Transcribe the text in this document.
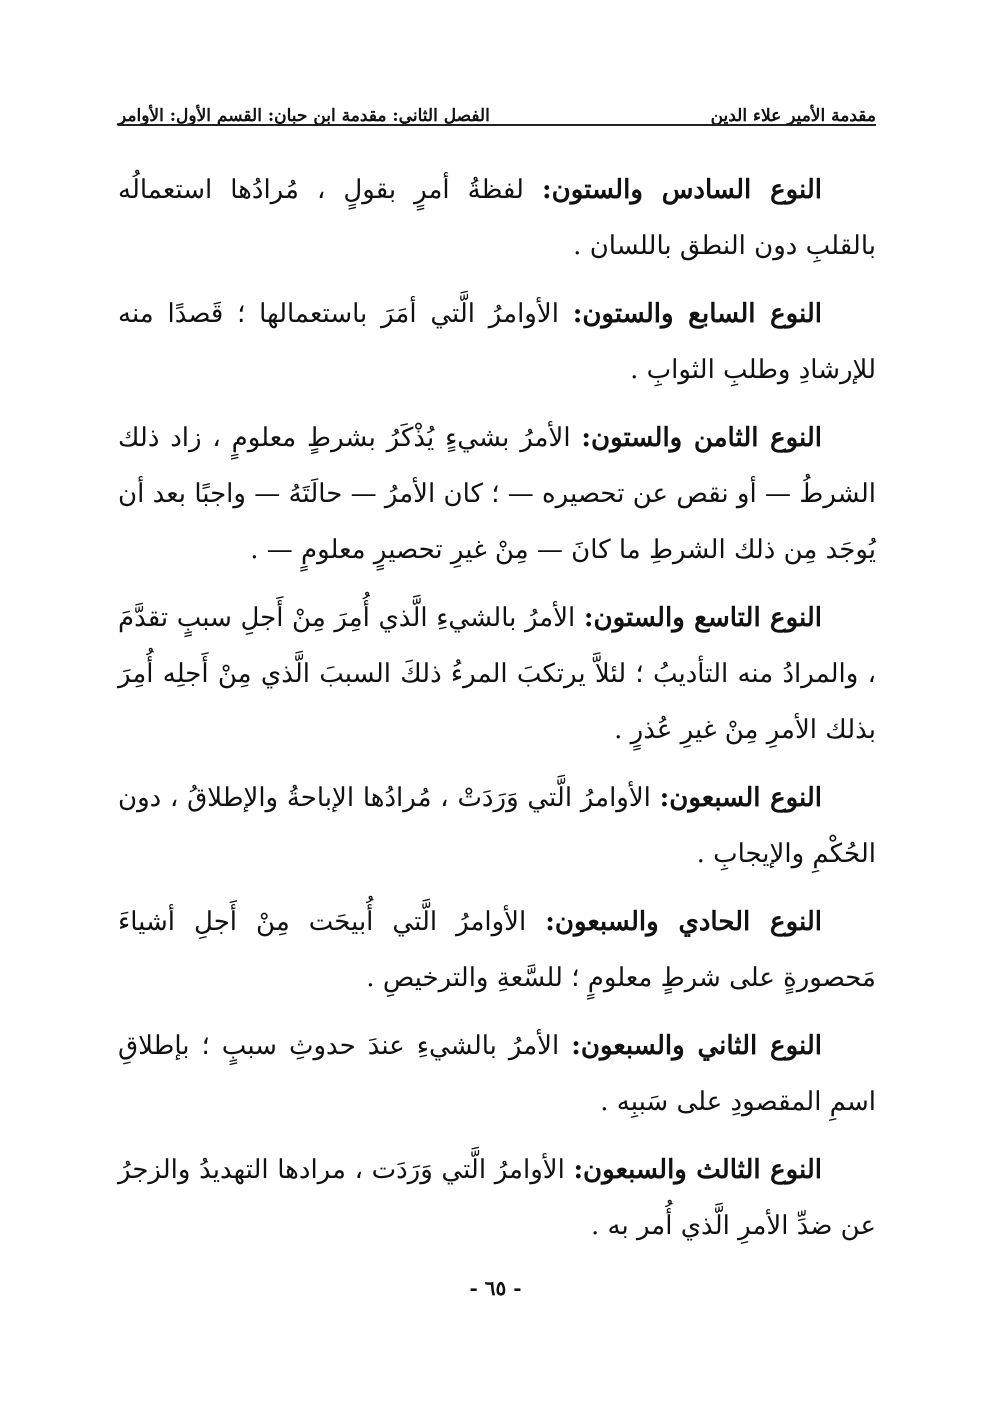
مقدمة الأمير علاء الدين
الفصل الثاني: مقدمة ابن حبان: القسم الأول: الأوامر

النوع السادس والستون: لفظةُ أمرٍ بقولٍ ، مُرادُها استعمالُه بالقلبِ دون النطق باللسان .

النوع السابع والستون: الأوامرُ الَّتي أمَرَ باستعمالها ؛ قَصدًا منه للإرشادِ وطلبِ الثوابِ .

النوع الثامن والستون: الأمرُ بشيءٍ يُذْكَرُ بشرطٍ معلومٍ ، زاد ذلك الشرطُ — أو نقص عن تحصيره — ؛ كان الأمرُ — حالَتَهُ — واجبًا بعد أن يُوجَد مِن ذلك الشرطِ ما كانَ — مِنْ غيرِ تحصيرٍ معلومٍ — .

النوع التاسع والستون: الأمرُ بالشيءِ الَّذي أُمِرَ مِنْ أَجلِ سببٍ تقدَّمَ ، والمرادُ منه التأديبُ ؛ لئلاَّ يرتكبَ المرءُ ذلكَ السببَ الَّذي مِنْ أَجلِه أُمِرَ بذلك الأمرِ مِنْ غيرِ عُذرٍ .

النوع السبعون: الأوامرُ الَّتي وَرَدَتْ ، مُرادُها الإباحةُ والإطلاقُ ، دون الحُكْمِ والإيجابِ .

النوع الحادي والسبعون: الأوامرُ الَّتي أُبيحَت مِنْ أَجلِ أشياءَ مَحصورةٍ على شرطٍ معلومٍ ؛ للسَّعةِ والترخيصِ .

النوع الثاني والسبعون: الأمرُ بالشيءِ عندَ حدوثِ سببٍ ؛ بإطلاقِ اسمِ المقصودِ على سَببِه .

النوع الثالث والسبعون: الأوامرُ الَّتي وَرَدَت ، مرادها التهديدُ والزجرُ عن ضدِّ الأمرِ الَّذي أُمر به .

- ٦٥ -
